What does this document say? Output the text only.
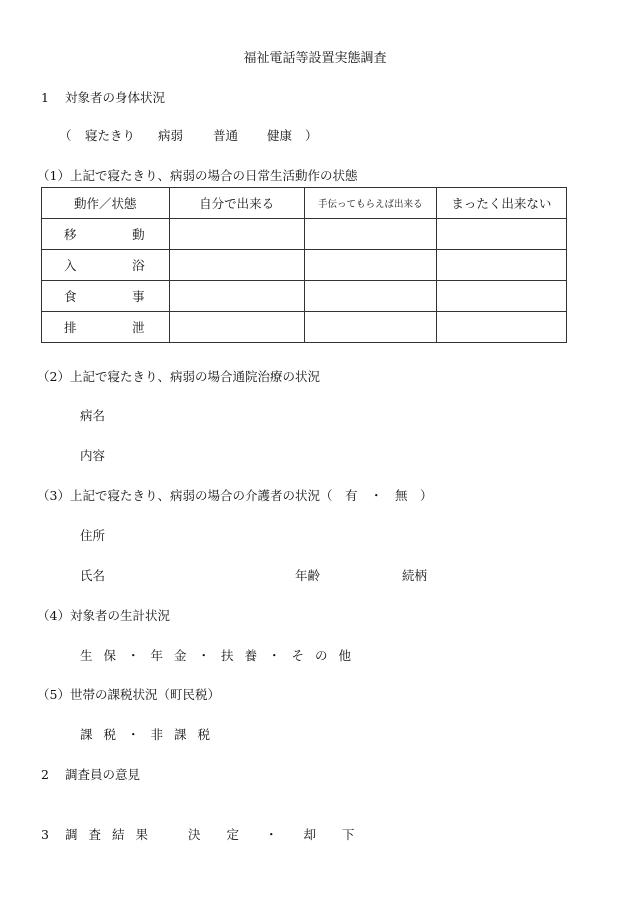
福祉電話等設置実態調査
1 対象者の身体状況
（ 寝たきり 病弱 普通 健康 ）
（1）上記で寝たきり、病弱の場合の日常生活動作の状態
動作／状態	自分で出来る	手伝ってもらえば出来る	まったく出来ない
移　動			
入　浴			
食　事			
排　泄			
（2）上記で寝たきり、病弱の場合通院治療の状況
病名
内容
（3）上記で寝たきり、病弱の場合の介護者の状況（　有　・　無　）
住所
氏名	年齢	続柄
（4）対象者の生計状況
生保・年金・扶養・その他
（5）世帯の課税状況（町民税）
課税・非課税
2 調査員の意見
3 調査結果 決定・却下
